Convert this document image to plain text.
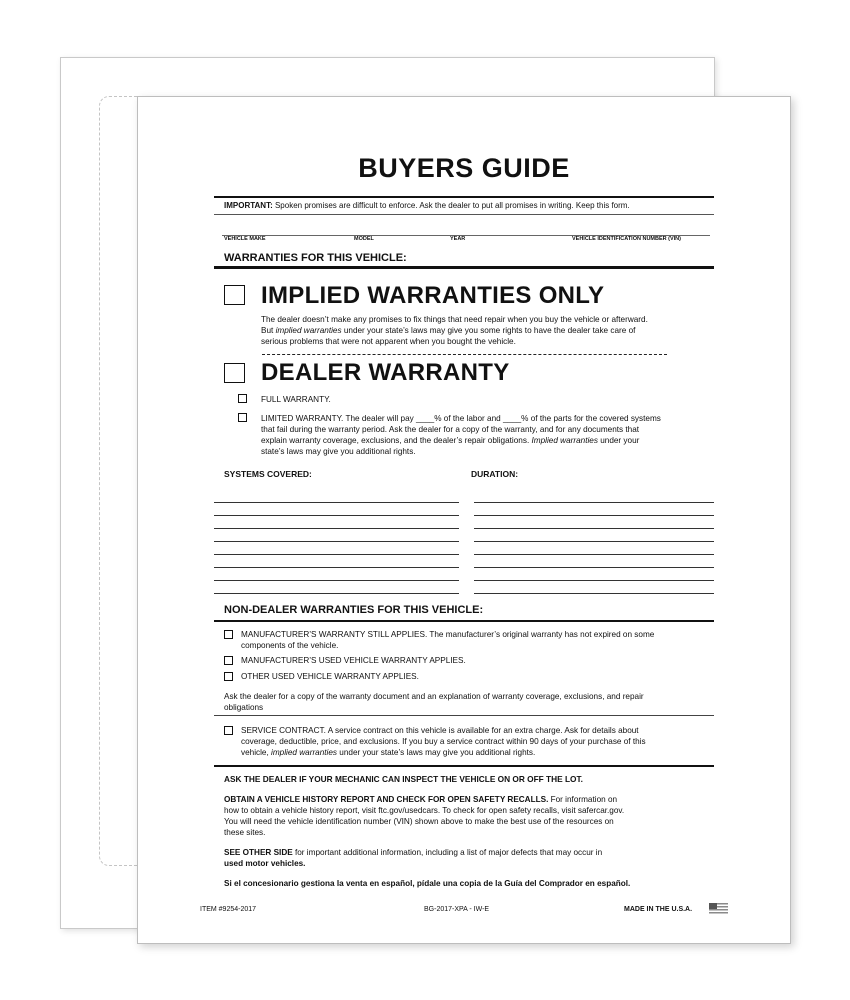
BUYERS GUIDE
IMPORTANT: Spoken promises are difficult to enforce. Ask the dealer to put all promises in writing. Keep this form.
VEHICLE MAKE	MODEL	YEAR	VEHICLE IDENTIFICATION NUMBER (VIN)
WARRANTIES FOR THIS VEHICLE:
IMPLIED WARRANTIES ONLY
The dealer doesn’t make any promises to fix things that need repair when you buy the vehicle or afterward.
But implied warranties under your state’s laws may give you some rights to have the dealer take care of
serious problems that were not apparent when you bought the vehicle.
DEALER WARRANTY
FULL WARRANTY.
LIMITED WARRANTY. The dealer will pay ____% of the labor and ____% of the parts for the covered systems
that fail during the warranty period. Ask the dealer for a copy of the warranty, and for any documents that
explain warranty coverage, exclusions, and the dealer’s repair obligations. Implied warranties under your
state’s laws may give you additional rights.
SYSTEMS COVERED:	DURATION:
NON-DEALER WARRANTIES FOR THIS VEHICLE:
MANUFACTURER’S WARRANTY STILL APPLIES. The manufacturer’s original warranty has not expired on some
components of the vehicle.
MANUFACTURER’S USED VEHICLE WARRANTY APPLIES.
OTHER USED VEHICLE WARRANTY APPLIES.
Ask the dealer for a copy of the warranty document and an explanation of warranty coverage, exclusions, and repair
obligations
SERVICE CONTRACT. A service contract on this vehicle is available for an extra charge. Ask for details about
coverage, deductible, price, and exclusions. If you buy a service contract within 90 days of your purchase of this
vehicle, implied warranties under your state’s laws may give you additional rights.
ASK THE DEALER IF YOUR MECHANIC CAN INSPECT THE VEHICLE ON OR OFF THE LOT.
OBTAIN A VEHICLE HISTORY REPORT AND CHECK FOR OPEN SAFETY RECALLS. For information on
how to obtain a vehicle history report, visit ftc.gov/usedcars. To check for open safety recalls, visit safercar.gov.
You will need the vehicle identification number (VIN) shown above to make the best use of the resources on
these sites.
SEE OTHER SIDE for important additional information, including a list of major defects that may occur in
used motor vehicles.
Si el concesionario gestiona la venta en español, pídale una copia de la Guía del Comprador en español.
ITEM #9254-2017	BG-2017-XPA - IW-E	MADE IN THE U.S.A.
